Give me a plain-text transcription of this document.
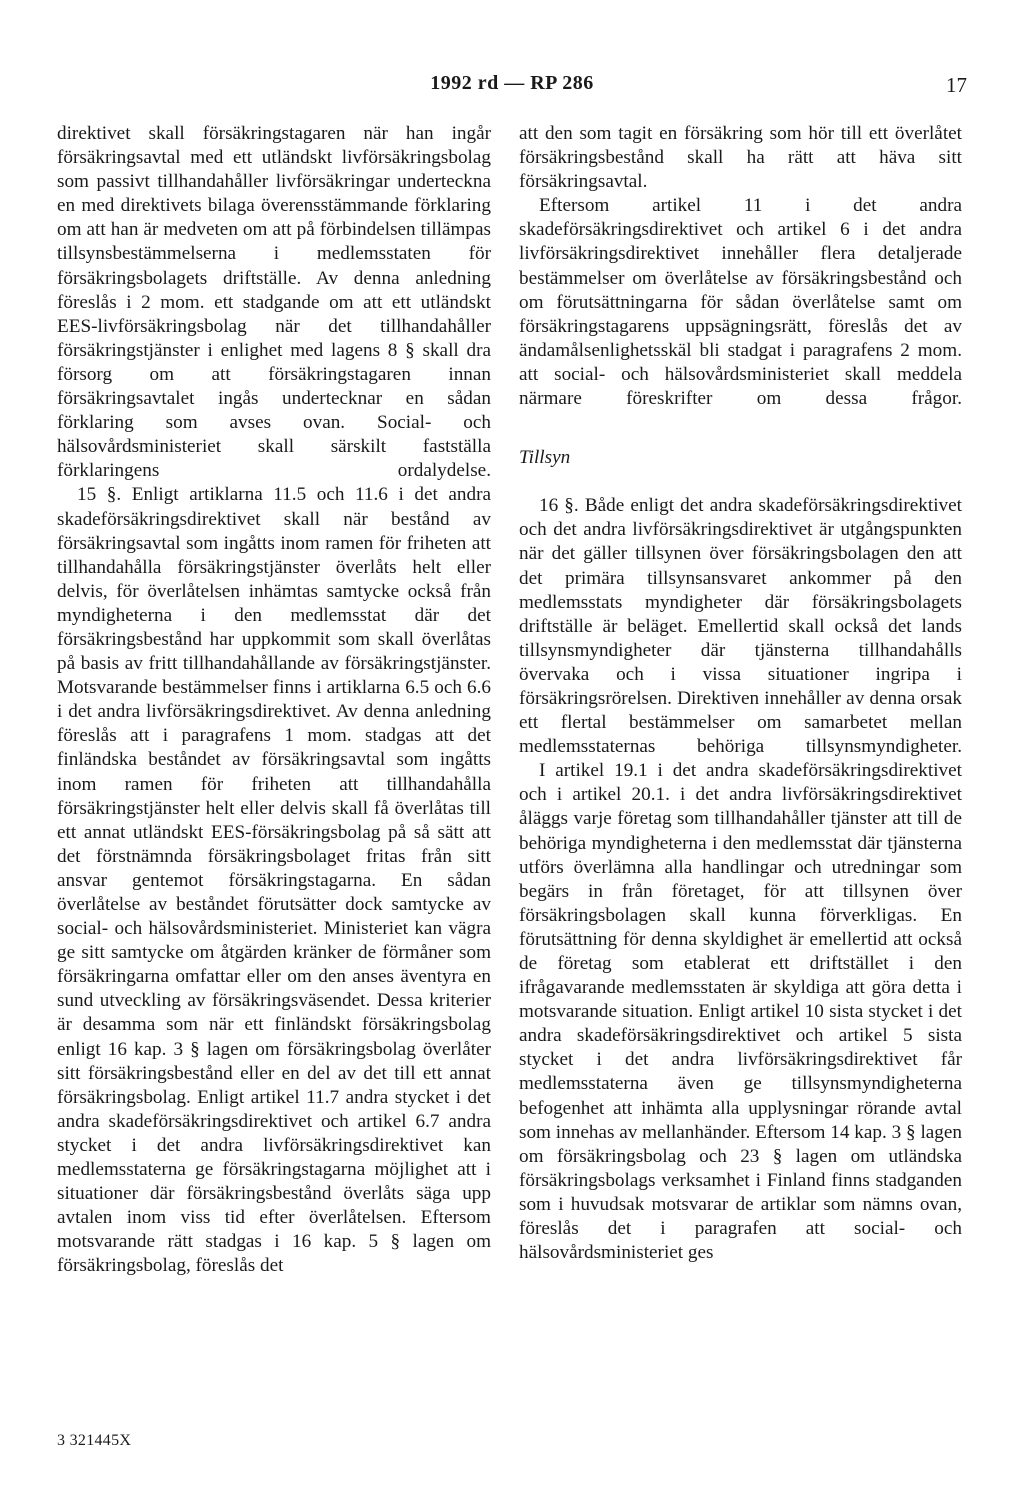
1992 rd — RP 286	17

direktivet skall försäkringstagaren när han ingår försäkringsavtal med ett utländskt livförsäkringsbolag som passivt tillhandahåller livförsäkringar underteckna en med direktivets bilaga överensstämmande förklaring om att han är medveten om att på förbindelsen tillämpas tillsynsbestämmelserna i medlemsstaten för försäkringsbolagets driftställe. Av denna anledning föreslås i 2 mom. ett stadgande om att ett utländskt EES-livförsäkringsbolag när det tillhandahåller försäkringstjänster i enlighet med lagens 8 § skall dra försorg om att försäkringstagaren innan försäkringsavtalet ingås undertecknar en sådan förklaring som avses ovan. Social- och hälsovårdsministeriet skall särskilt fastställa förklaringens ordalydelse.

15 §. Enligt artiklarna 11.5 och 11.6 i det andra skadeförsäkringsdirektivet skall när bestånd av försäkringsavtal som ingåtts inom ramen för friheten att tillhandahålla försäkringstjänster överlåts helt eller delvis, för överlåtelsen inhämtas samtycke också från myndigheterna i den medlemsstat där det försäkringsbestånd har uppkommit som skall överlåtas på basis av fritt tillhandahållande av försäkringstjänster. Motsvarande bestämmelser finns i artiklarna 6.5 och 6.6 i det andra livförsäkringsdirektivet. Av denna anledning föreslås att i paragrafens 1 mom. stadgas att det finländska beståndet av försäkringsavtal som ingåtts inom ramen för friheten att tillhandahålla försäkringstjänster helt eller delvis skall få överlåtas till ett annat utländskt EES-försäkringsbolag på så sätt att det förstnämnda försäkringsbolaget fritas från sitt ansvar gentemot försäkringstagarna. En sådan överlåtelse av beståndet förutsätter dock samtycke av social- och hälsovårdsministeriet. Ministeriet kan vägra ge sitt samtycke om åtgärden kränker de förmåner som försäkringarna omfattar eller om den anses äventyra en sund utveckling av försäkringsväsendet. Dessa kriterier är desamma som när ett finländskt försäkringsbolag enligt 16 kap. 3 § lagen om försäkringsbolag överlåter sitt försäkringsbestånd eller en del av det till ett annat försäkringsbolag. Enligt artikel 11.7 andra stycket i det andra skadeförsäkringsdirektivet och artikel 6.7 andra stycket i det andra livförsäkringsdirektivet kan medlemsstaterna ge försäkringstagarna möjlighet att i situationer där försäkringsbestånd överlåts säga upp avtalen inom viss tid efter överlåtelsen. Eftersom motsvarande rätt stadgas i 16 kap. 5 § lagen om försäkringsbolag, föreslås det

att den som tagit en försäkring som hör till ett överlåtet försäkringsbestånd skall ha rätt att häva sitt försäkringsavtal.

Eftersom artikel 11 i det andra skadeförsäkringsdirektivet och artikel 6 i det andra livförsäkringsdirektivet innehåller flera detaljerade bestämmelser om överlåtelse av försäkringsbestånd och om förutsättningarna för sådan överlåtelse samt om försäkringstagarens uppsägningsrätt, föreslås det av ändamålsenlighetsskäl bli stadgat i paragrafens 2 mom. att social- och hälsovårdsministeriet skall meddela närmare föreskrifter om dessa frågor.

Tillsyn

16 §. Både enligt det andra skadeförsäkringsdirektivet och det andra livförsäkringsdirektivet är utgångspunkten när det gäller tillsynen över försäkringsbolagen den att det primära tillsynsansvaret ankommer på den medlemsstats myndigheter där försäkringsbolagets driftställe är beläget. Emellertid skall också det lands tillsynsmyndigheter där tjänsterna tillhandahålls övervaka och i vissa situationer ingripa i försäkringsrörelsen. Direktiven innehåller av denna orsak ett flertal bestämmelser om samarbetet mellan medlemsstaternas behöriga tillsynsmyndigheter.

I artikel 19.1 i det andra skadeförsäkringsdirektivet och i artikel 20.1. i det andra livförsäkringsdirektivet åläggs varje företag som tillhandahåller tjänster att till de behöriga myndigheterna i den medlemsstat där tjänsterna utförs överlämna alla handlingar och utredningar som begärs in från företaget, för att tillsynen över försäkringsbolagen skall kunna förverkligas. En förutsättning för denna skyldighet är emellertid att också de företag som etablerat ett driftstället i den ifrågavarande medlemsstaten är skyldiga att göra detta i motsvarande situation. Enligt artikel 10 sista stycket i det andra skadeförsäkringsdirektivet och artikel 5 sista stycket i det andra livförsäkringsdirektivet får medlemsstaterna även ge tillsynsmyndigheterna befogenhet att inhämta alla upplysningar rörande avtal som innehas av mellanhänder. Eftersom 14 kap. 3 § lagen om försäkringsbolag och 23 § lagen om utländska försäkringsbolags verksamhet i Finland finns stadganden som i huvudsak motsvarar de artiklar som nämns ovan, föreslås det i paragrafen att social- och hälsovårdsministeriet ges

3 321445X
